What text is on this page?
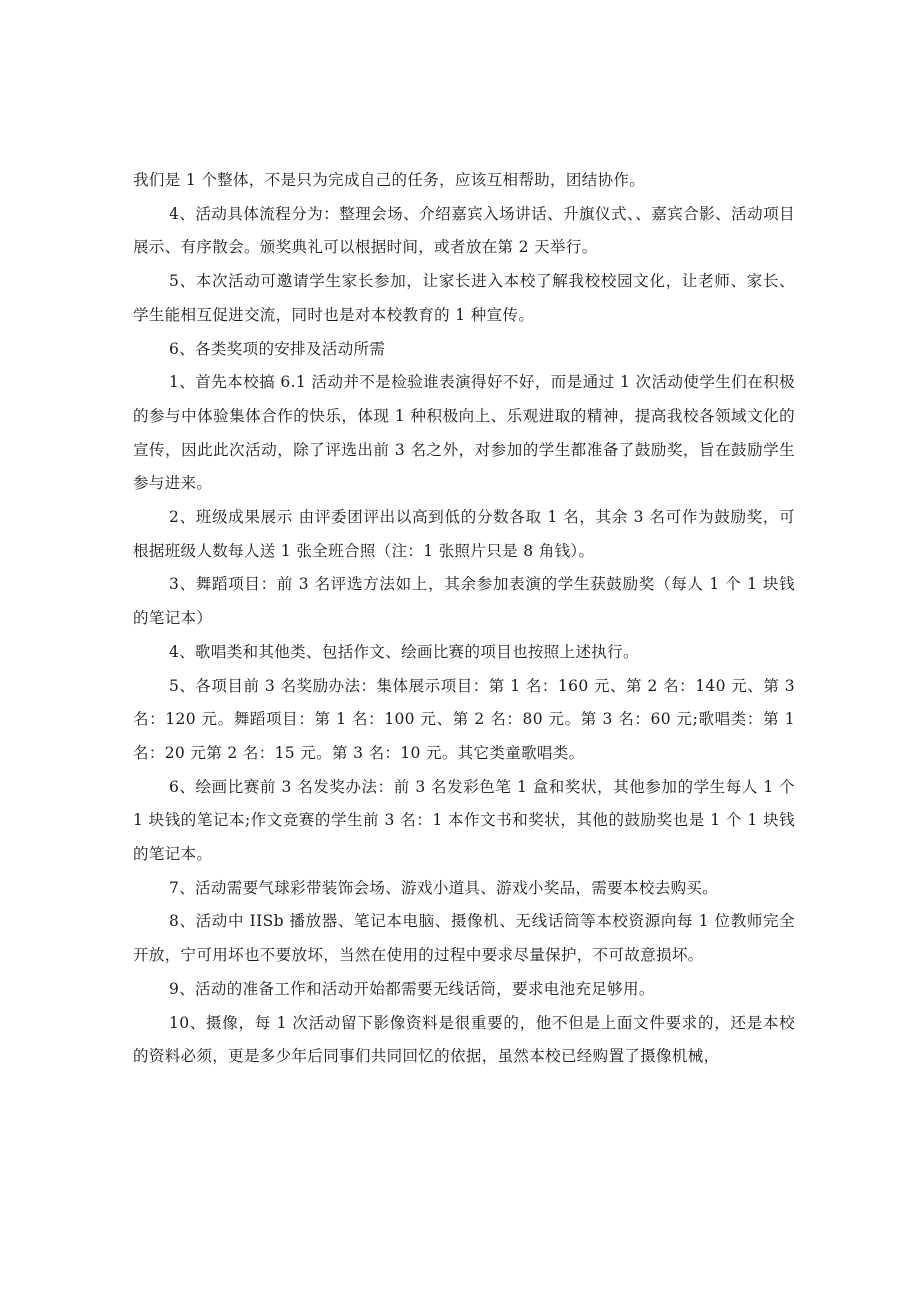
我们是 1 个整体，不是只为完成自己的任务，应该互相帮助，团结协作。

4、活动具体流程分为：整理会场、介绍嘉宾入场讲话、升旗仪式、、嘉宾合影、活动项目展示、有序散会。颁奖典礼可以根据时间，或者放在第 2 天举行。

5、本次活动可邀请学生家长参加，让家长进入本校了解我校校园文化，让老师、家长、学生能相互促进交流，同时也是对本校教育的 1 种宣传。

6、各类奖项的安排及活动所需

1、首先本校搞 6.1 活动并不是检验谁表演得好不好，而是通过 1 次活动使学生们在积极的参与中体验集体合作的快乐，体现 1 种积极向上、乐观进取的精神，提高我校各领域文化的宣传，因此此次活动，除了评选出前 3 名之外，对参加的学生都准备了鼓励奖，旨在鼓励学生参与进来。

2、班级成果展示 由评委团评出以高到低的分数各取 1 名，其余 3 名可作为鼓励奖，可根据班级人数每人送 1 张全班合照（注：1 张照片只是 8 角钱）。

3、舞蹈项目：前 3 名评选方法如上，其余参加表演的学生获鼓励奖（每人 1 个 1 块钱的笔记本）

4、歌唱类和其他类、包括作文、绘画比赛的项目也按照上述执行。

5、各项目前 3 名奖励办法：集体展示项目：第 1 名：160 元、第 2 名：140 元、第 3 名：120 元。舞蹈项目：第 1 名：100 元、第 2 名：80 元。第 3 名：60 元;歌唱类：第 1 名：20 元第 2 名：15 元。第 3 名：10 元。其它类童歌唱类。

6、绘画比赛前 3 名发奖办法：前 3 名发彩色笔 1 盒和奖状，其他参加的学生每人 1 个 1 块钱的笔记本;作文竞赛的学生前 3 名：1 本作文书和奖状，其他的鼓励奖也是 1 个 1 块钱的笔记本。

7、活动需要气球彩带装饰会场、游戏小道具、游戏小奖品，需要本校去购买。

8、活动中 IISb 播放器、笔记本电脑、摄像机、无线话筒等本校资源向每 1 位教师完全开放，宁可用坏也不要放坏，当然在使用的过程中要求尽量保护，不可故意损坏。

9、活动的准备工作和活动开始都需要无线话筒，要求电池充足够用。

10、摄像，每 1 次活动留下影像资料是很重要的，他不但是上面文件要求的，还是本校的资料必须，更是多少年后同事们共同回忆的依据，虽然本校已经购置了摄像机械，
